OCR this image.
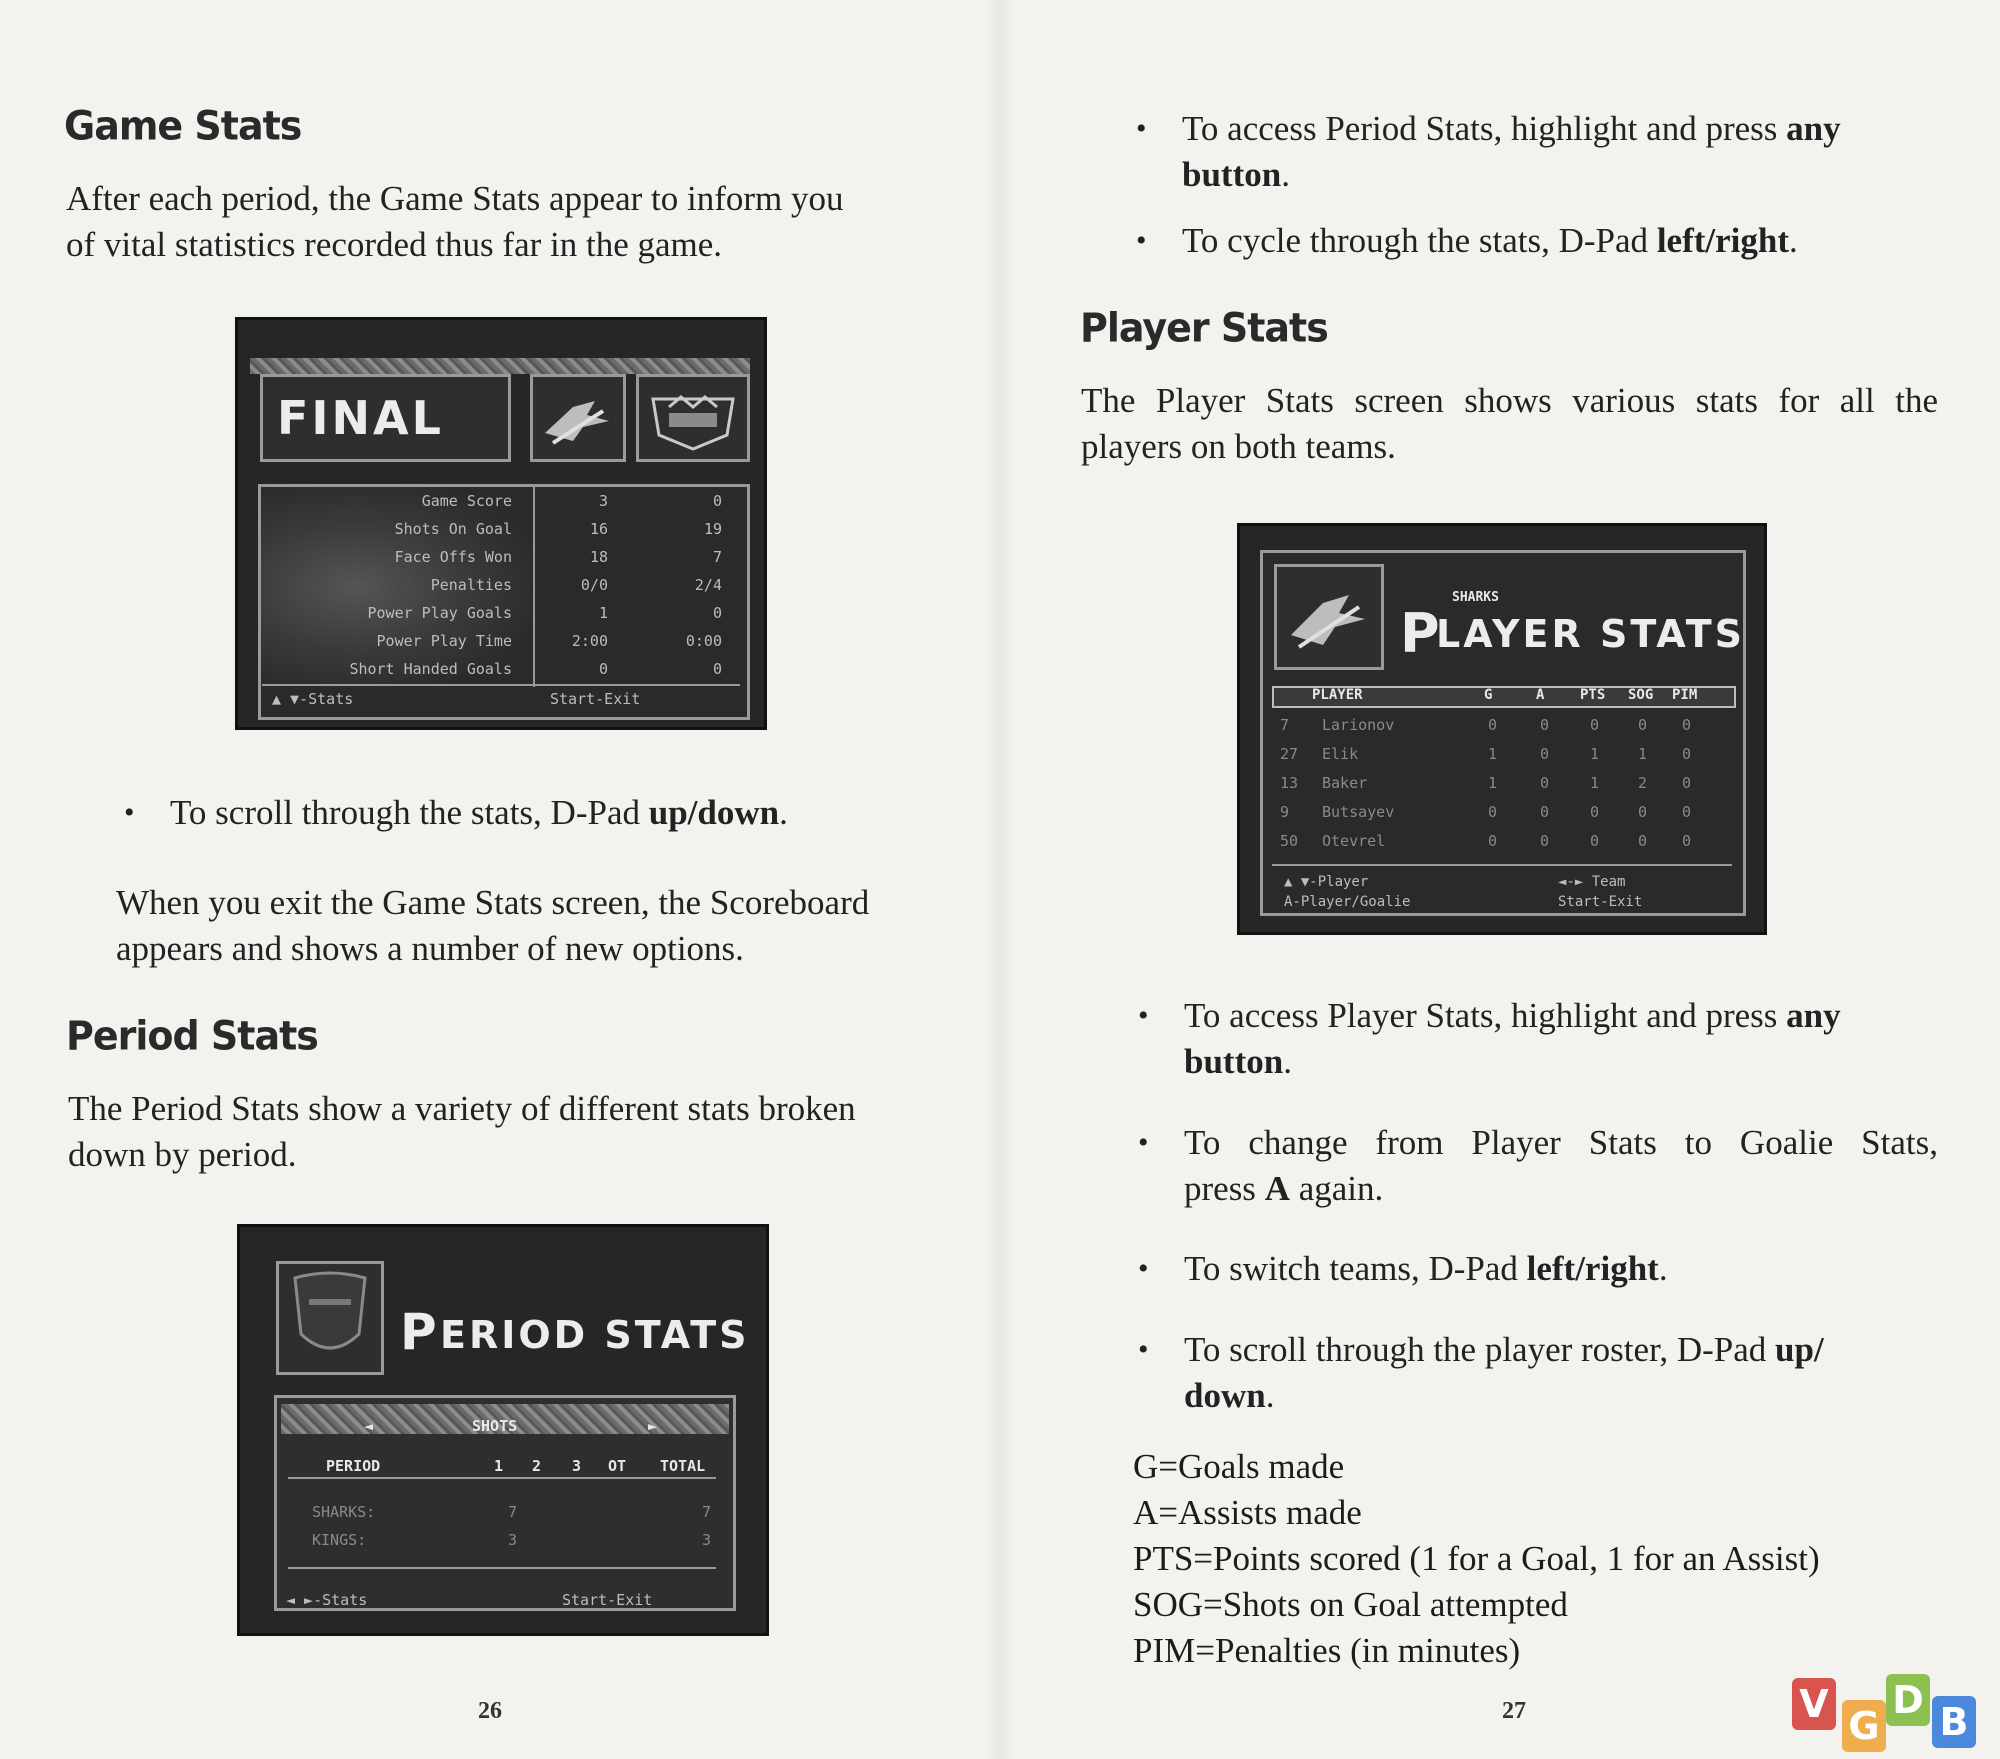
Game Stats

After each period, the Game Stats appear to inform you
of vital statistics recorded thus far in the game.

FINAL
Game Score	3	0
Shots On Goal	16	19
Face Offs Won	18	7
Penalties	0/0	2/4
Power Play Goals	1	0
Power Play Time	2:00	0:00
Short Handed Goals	0	0
▲ ▼-Stats	Start-Exit
• To scroll through the stats, D-Pad up/down.

When you exit the Game Stats screen, the Scoreboard
appears and shows a number of new options.

Period Stats

The Period Stats show a variety of different stats broken
down by period.

P ERIOD STATS
◄	SHOTS	►
PERIOD	1 2 3 OT TOTAL
SHARKS:	7	7
KINGS:	3	3
◄ ►-Stats	Start-Exit
26
• To access Period Stats, highlight and press any
button.
• To cycle through the stats, D-Pad left/right.
Player Stats

The Player Stats screen shows various stats for all the

players on both teams.

SHARKS
P
LAYER STATS
PLAYER	G	A	PTS SOG PIM
7 Larionov	0	0	0	0 0
27 Elik	1	0	1	1 0
13 Baker	1	0	1	2 0
9 Butsayev	0	0	0	0 0
50 Otevrel	0	0	0	0 0
▲ ▼-Player
A-Player/Goalie
◄-► Team
Start-Exit
• To access Player Stats, highlight and press any
button.
• To change from Player Stats to Goalie Stats,
press A again.
• To switch teams, D-Pad left/right.
• To scroll through the player roster, D-Pad up/
down.
G=Goals made
A=Assists made
PTS=Points scored (1 for a Goal, 1 for an Assist)
SOG=Shots on Goal attempted
PIM=Penalties (in minutes)
27	V G
D B
